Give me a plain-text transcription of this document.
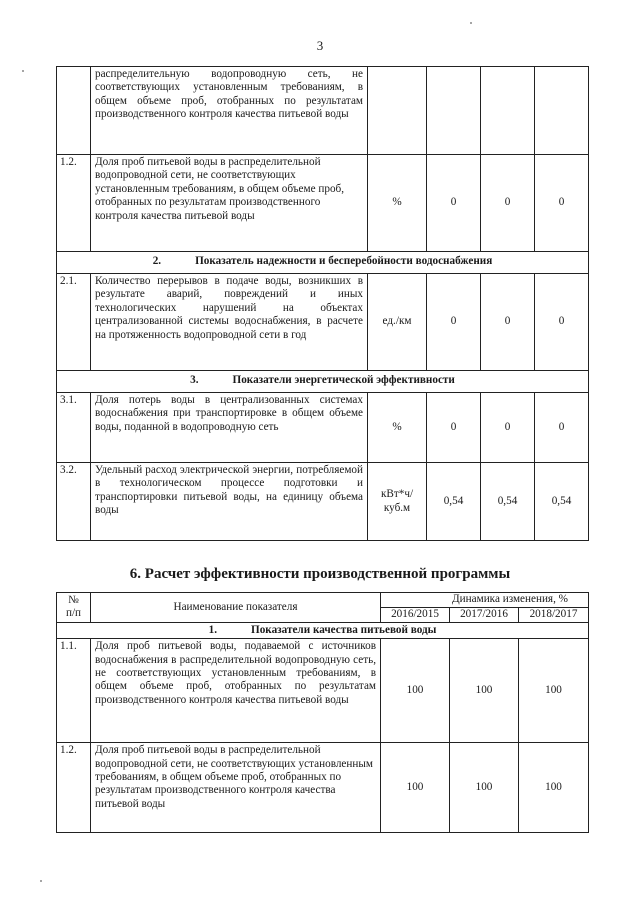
3
	распределительную водопроводную сеть, не соответствующих установленным требованиям, в общем объеме проб, отобранных по результатам производственного контроля качества питьевой воды				
1.2.	Доля проб питьевой воды в распределительной водопроводной сети, не соответствующих установленным требованиям, в общем объеме проб, отобранных по результатам производственного контроля качества питьевой воды	%	0	0	0
2. Показатель надежности и бесперебойности водоснабжения					
2.1.	Количество перерывов в подаче воды, возникших в результате аварий, повреждений и иных технологических нарушений на объектах централизованной системы водоснабжения, в расчете на протяженность водопроводной сети в год	ед./км	0	0	0
3. Показатели энергетической эффективности					
3.1.	Доля потерь воды в централизованных системах водоснабжения при транспортировке в общем объеме воды, поданной в водопроводную сеть	%	0	0	0
3.2.	Удельный расход электрической энергии, потребляемой в технологическом процессе подготовки и транспортировки питьевой воды, на единицу объема воды	кВт*ч/
куб.м	0,54	0,54	0,54
6. Расчет эффективности производственной программы
№
п/п	Наименование показателя	Динамика изменения, %		
		2016/2015	2017/2016	2018/2017
1. Показатели качества питьевой воды				
1.1.	Доля проб питьевой воды, подаваемой с источников водоснабжения в распределительной водопроводную сеть, не соответствующих установленным требованиям, в общем объеме проб, отобранных по результатам производственного контроля качества питьевой воды	100	100	100
1.2.	Доля проб питьевой воды в распределительной водопроводной сети, не соответствующих установленным требованиям, в общем объеме проб, отобранных по результатам производственного контроля качества питьевой воды	100	100	100
